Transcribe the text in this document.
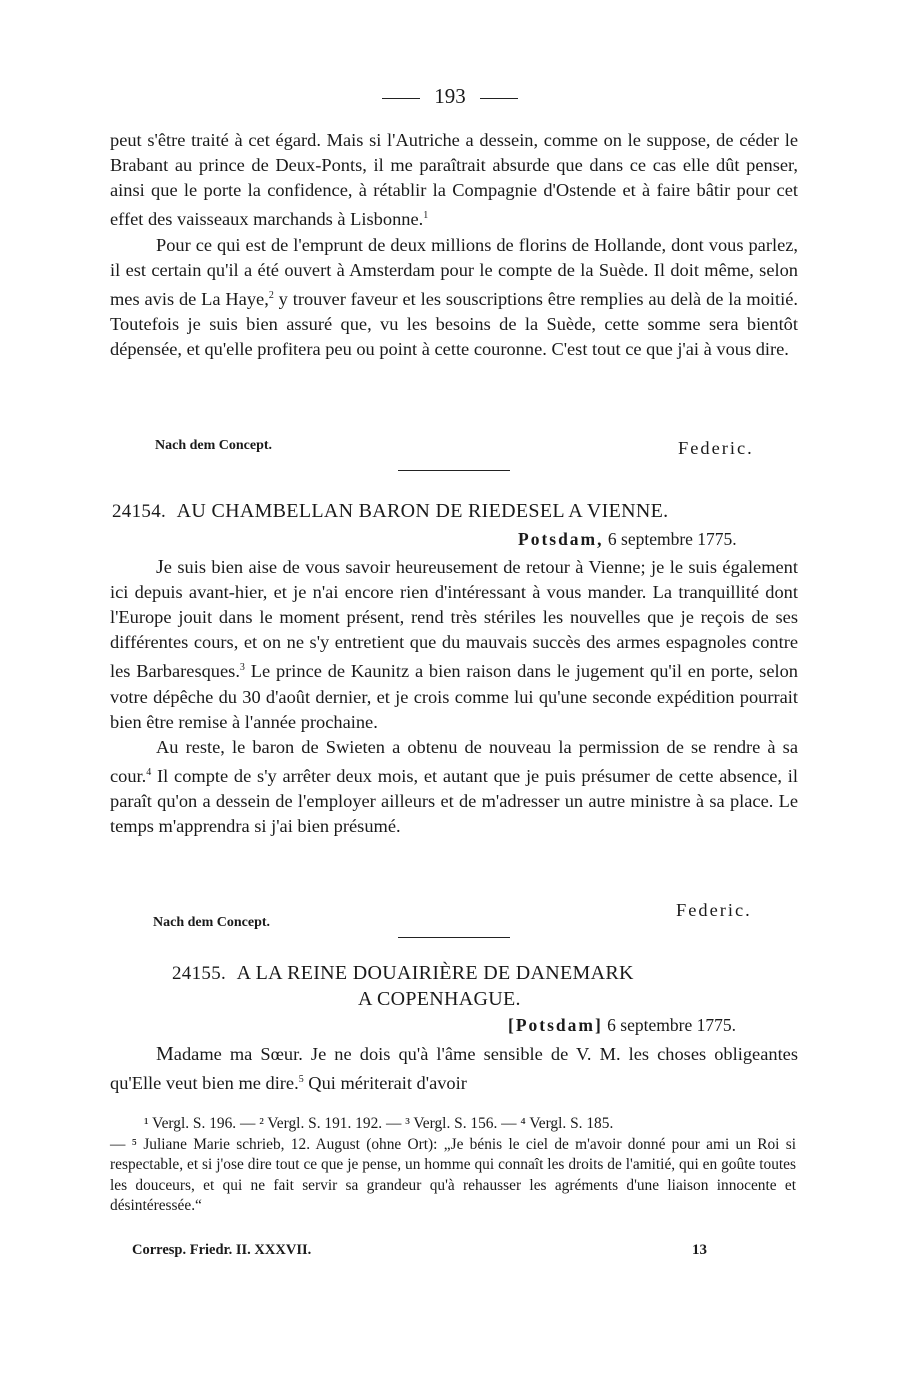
193

peut s'être traité à cet égard. Mais si l'Autriche a dessein, comme on le suppose, de céder le Brabant au prince de Deux-Ponts, il me paraîtrait absurde que dans ce cas elle dût penser, ainsi que le porte la confidence, à rétablir la Compagnie d'Ostende et à faire bâtir pour cet effet des vaisseaux marchands à Lisbonne.$^1$

Pour ce qui est de l'emprunt de deux millions de florins de Hollande, dont vous parlez, il est certain qu'il a été ouvert à Amsterdam pour le compte de la Suède. Il doit même, selon mes avis de La Haye,$^2$ y trouver faveur et les souscriptions être remplies au delà de la moitié. Toutefois je suis bien assuré que, vu les besoins de la Suède, cette somme sera bientôt dépensée, et qu'elle profitera peu ou point à cette couronne. C'est tout ce que j'ai à vous dire.

Nach dem Concept.	Federic.
24154. AU CHAMBELLAN BARON DE RIEDESEL A VIENNE.
Potsdam, 6 septembre 1775.

Je suis bien aise de vous savoir heureusement de retour à Vienne; je le suis également ici depuis avant-hier, et je n'ai encore rien d'intéressant à vous mander. La tranquillité dont l'Europe jouit dans le moment présent, rend très stériles les nouvelles que je reçois de ses différentes cours, et on ne s'y entretient que du mauvais succès des armes espagnoles contre les Barbaresques.$^3$ Le prince de Kaunitz a bien raison dans le jugement qu'il en porte, selon votre dépêche du 30 d'août dernier, et je crois comme lui qu'une seconde expédition pourrait bien être remise à l'année prochaine.

Au reste, le baron de Swieten a obtenu de nouveau la permission de se rendre à sa cour.$^4$ Il compte de s'y arrêter deux mois, et autant que je puis présumer de cette absence, il paraît qu'on a dessein de l'employer ailleurs et de m'adresser un autre ministre à sa place. Le temps m'apprendra si j'ai bien présumé.

Federic.
Nach dem Concept.
24155. A LA REINE DOUAIRIÈRE DE DANEMARK
A COPENHAGUE.
[Potsdam] 6 septembre 1775.

Madame ma Sœur. Je ne dois qu'à l'âme sensible de V. M. les choses obligeantes qu'Elle veut bien me dire.$^5$ Qui mériterait d'avoir

¹ Vergl. S. 196. — ² Vergl. S. 191. 192. — ³ Vergl. S. 156. — ⁴ Vergl. S. 185.

— ⁵ Juliane Marie schrieb, 12. August (ohne Ort): „Je bénis le ciel de m'avoir donné pour ami un Roi si respectable, et si j'ose dire tout ce que je pense, un homme qui connaît les droits de l'amitié, qui en goûte toutes les douceurs, et qui ne fait servir sa grandeur qu'à rehausser les agréments d'une liaison innocente et désintéressée.“

Corresp. Friedr. II. XXXVII.	13
